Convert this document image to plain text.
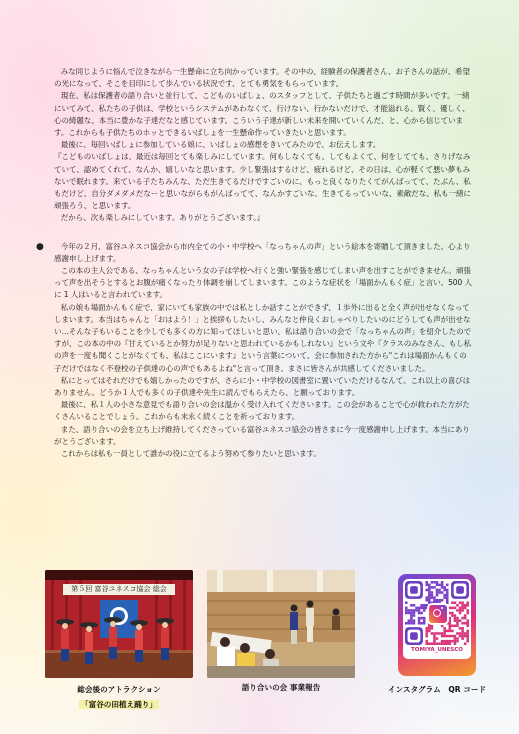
みな同じように悩んで泣きながら一生懸命に立ち向かっています。その中の、経験者の保護者さん、お子さんの話が、希望の光になって、そこを目印にして歩んでいる状況です、とても勇気をもらっています。

現在、私は保護者の語り合いと並行して、こどものいばしょ、のスタッフとして、子供たちと過ごす時間が多いです。一緒にいてみて、私たちの子供は、学校というシステムがあわなくて、行けない、行かないだけで、才能溢れる、賢く、優しく、心の綺麗な、本当に豊かな子達だなと感じています。こういう子達が新しい未来を開いていくんだ、と、心から信じています。これからも子供たちのホッとできるいばしょを一生懸命作っていきたいと思います。

最後に、毎回いばしょに参加している娘に、いばしょの感想をきいてみたので、お伝えします。

『こどものいばしょは、最近は毎回とても楽しみにしています。何もしなくても、してもよくて、何をしてても、さりげなみていて、認めてくれて、なんか、嬉しいなと思います。少し緊張はするけど、疲れるけど、その日は、心が軽くて悪い夢もみないで眠れます。来ている子たちみんな、ただ生きてるだけですごいのに、もっと良くなりたくてがんばってて、たぶん、私もだけど、自分ダメダメだなーと思いながらもがんばってて、なんかすごいな、生きてるっていいな、素敵だな、私も一緒に頑張ろう、と思います。

だから、次も楽しみにしています。ありがとうございます。』

●	今年の２月、富谷ユネスコ協会から市内全ての小・中学校へ「なっちゃんの声」という絵本を寄贈して頂きました。心より感謝申し上げます。

この本の主人公である、なっちゃんという女の子は学校へ行くと強い緊張を感じてしまい声を出すことができません。頑張って声を出そうとするとお腹が痛くなったり体調を崩してしまいます。このような症状を「場面かんもく症」と言い、500 人に 1 人はいると言われています。

私の娘も場面かんもく症で、家にいても家族の中では私としか話すことができず、１歩外に出ると全く声が出せなくなってしまいます。本当はちゃんと「おはよう！」と挨拶もしたいし、みんなと仲良くおしゃべりしたいのにどうしても声が出せない…そんな子もいることを少しでも多くの方に知ってほしいと思い、私は語り合いの会で「なっちゃんの声」を紹介したのですが、この本の中の『甘えているとか努力が足りないと思われているかもしれない』という文や『クラスのみなさん、もし私の声を一度も聞くことがなくても、私はここにいます』という言葉について、会に参加された方から"これは場面かんもくの子だけではなく不登校の子供達の心の声でもあるよね"と言って頂き、まさに皆さんが共感してくださいました。

私にとってはそれだけでも嬉しかったのですが、さらに小・中学校の図書室に置いていただけるなんて。これ以上の喜びはありません。どうか１人でも多くの子供達や先生に読んでもらえたら、と願っております。

最後に、私１人の小さな意見でも語り合いの会は温かく受け入れてくださいます。この会があることで心が救われた方がたくさんいることでしょう。これからも末永く続くことを祈っております。

また、語り合いの会を立ち上げ維持してくださっている富谷ユネスコ協会の皆さまに今一度感謝申し上げます。本当にありがとうございます。

これからは私も一員として誰かの役に立てるよう努めて参りたいと思います。

第５回 富谷ユネスコ協会 総会
TOMIYA_UNESCO
総会後のアトラクション
「富谷の田植え踊り」
語り合いの会 事業報告	インスタグラム　QR コード
